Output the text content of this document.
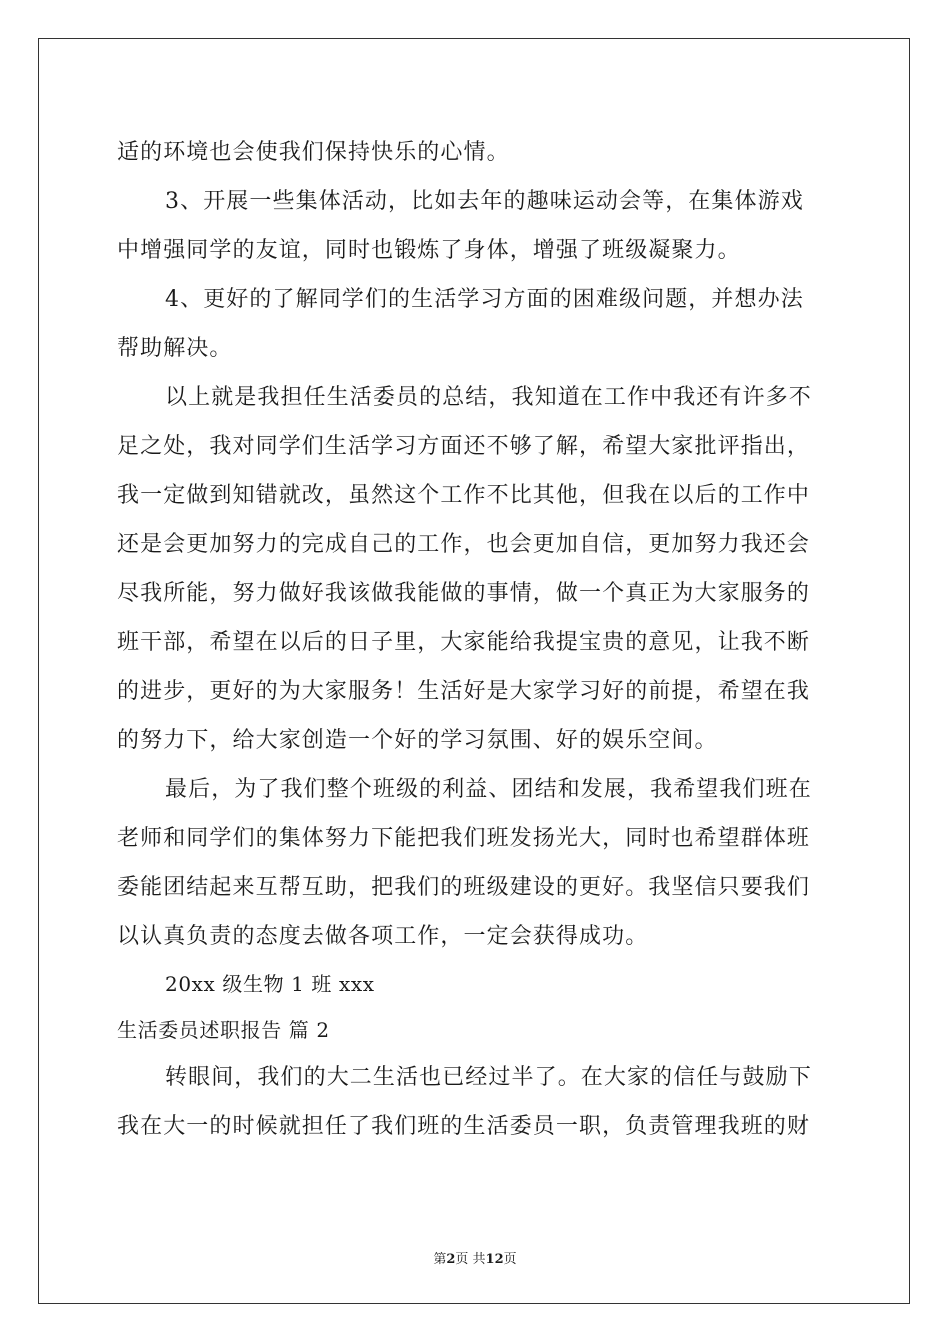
适的环境也会使我们保持快乐的心情。
3、开展一些集体活动，比如去年的趣味运动会等，在集体游戏
中增强同学的友谊，同时也锻炼了身体，增强了班级凝聚力。
4、更好的了解同学们的生活学习方面的困难级问题，并想办法
帮助解决。
以上就是我担任生活委员的总结，我知道在工作中我还有许多不
足之处，我对同学们生活学习方面还不够了解，希望大家批评指出，
我一定做到知错就改，虽然这个工作不比其他，但我在以后的工作中
还是会更加努力的完成自己的工作，也会更加自信，更加努力我还会
尽我所能，努力做好我该做我能做的事情，做一个真正为大家服务的
班干部，希望在以后的日子里，大家能给我提宝贵的意见，让我不断
的进步，更好的为大家服务！生活好是大家学习好的前提，希望在我
的努力下，给大家创造一个好的学习氛围、好的娱乐空间。
最后，为了我们整个班级的利益、团结和发展，我希望我们班在
老师和同学们的集体努力下能把我们班发扬光大，同时也希望群体班
委能团结起来互帮互助，把我们的班级建设的更好。我坚信只要我们
以认真负责的态度去做各项工作，一定会获得成功。
20xx 级生物 1 班 xxx
生活委员述职报告 篇 2
转眼间，我们的大二生活也已经过半了。在大家的信任与鼓励下
我在大一的时候就担任了我们班的生活委员一职，负责管理我班的财
第2页 共12页
